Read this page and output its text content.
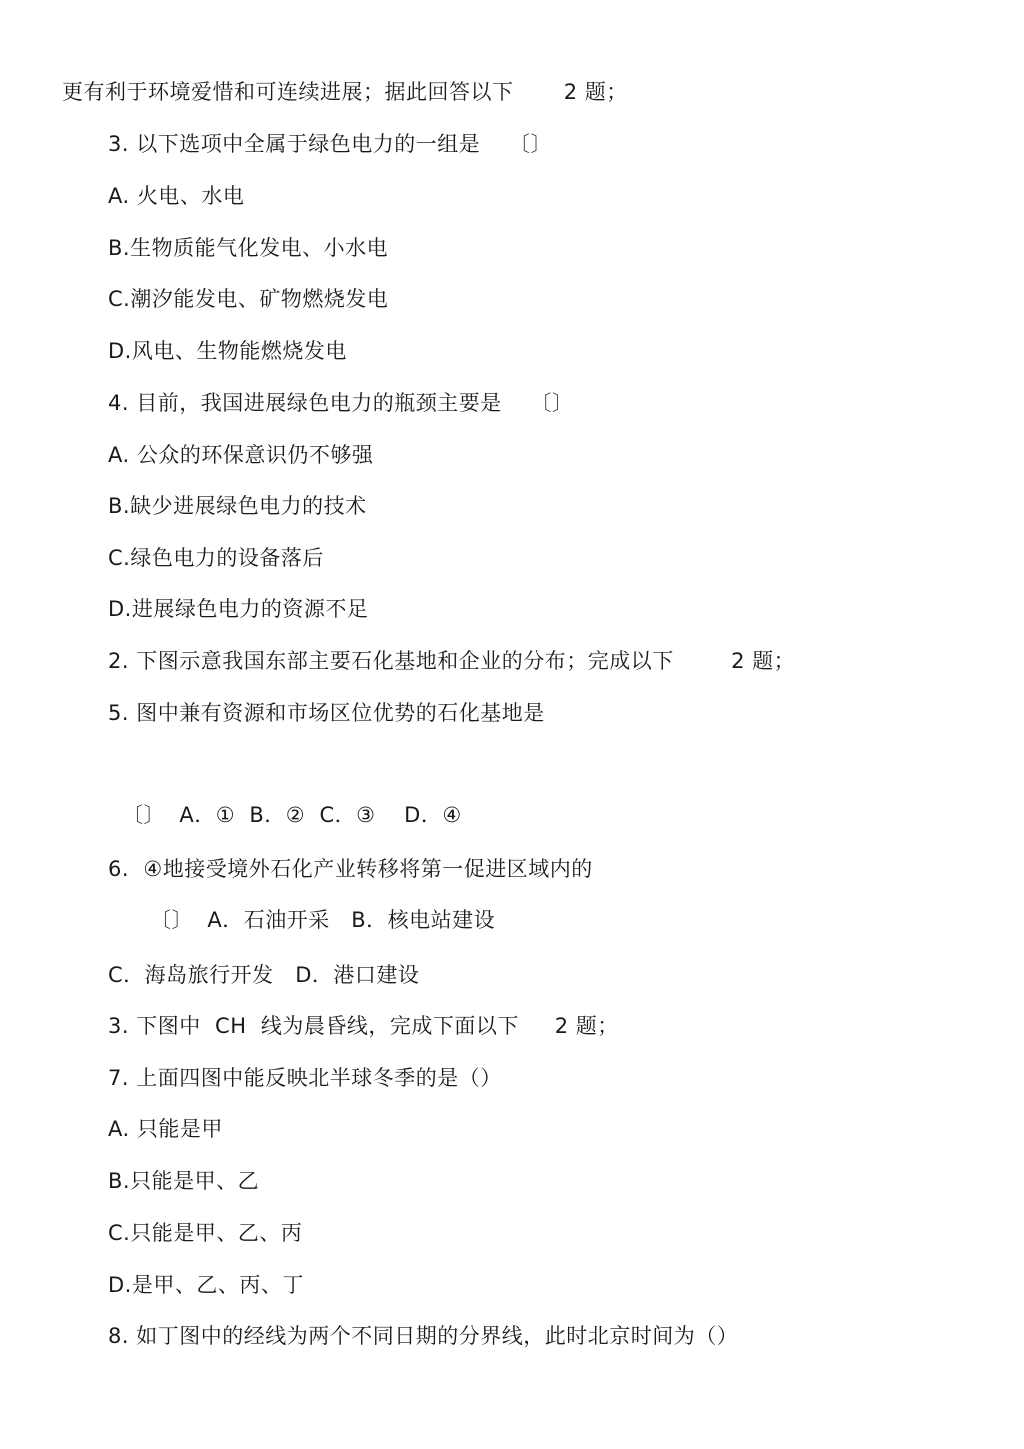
更有利于环境爱惜和可连续进展；据此回答以下       2 题；
3. 以下选项中全属于绿色电力的一组是    〔〕
A. 火电、水电
B.生物质能气化发电、小水电
C.潮汐能发电、矿物燃烧发电
D.风电、生物能燃烧发电
4. 目前，我国进展绿色电力的瓶颈主要是    〔〕
A. 公众的环保意识仍不够强
B.缺少进展绿色电力的技术
C.绿色电力的设备落后
D.进展绿色电力的资源不足
2. 下图示意我国东部主要石化基地和企业的分布；完成以下        2 题；
5. 图中兼有资源和市场区位优势的石化基地是
〔〕  A．①  B．②  C．③    D．④
6.  ④地接受境外石化产业转移将第一促进区域内的
〔〕  A．石油开采   B．核电站建设
C．海岛旅行开发   D．港口建设
3. 下图中  CH  线为晨昏线，完成下面以下     2 题；
7. 上面四图中能反映北半球冬季的是（）
A. 只能是甲
B.只能是甲、乙
C.只能是甲、乙、丙
D.是甲、乙、丙、丁
8. 如丁图中的经线为两个不同日期的分界线，此时北京时间为（）
